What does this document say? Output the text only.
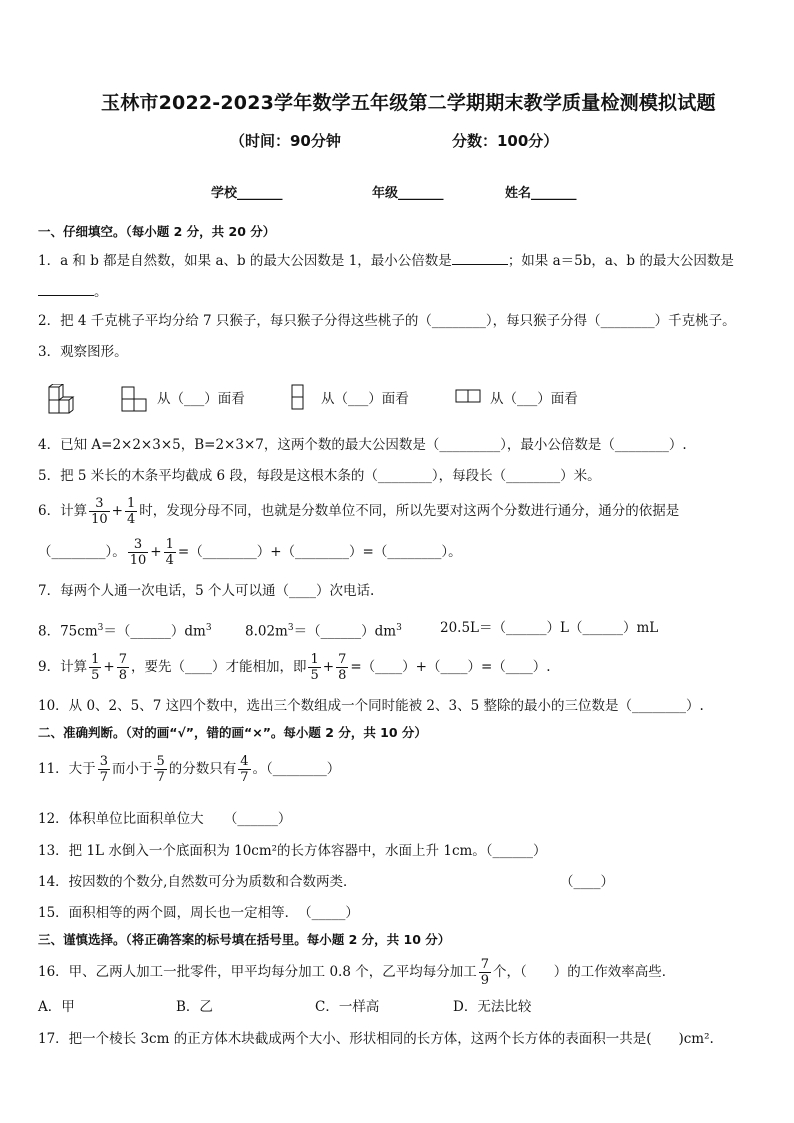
玉林市2022-2023学年数学五年级第二学期期末教学质量检测模拟试题
（时间：90分钟	分数：100分）
学校_______	年级_______	姓名_______
一、仔细填空。（每小题 2 分，共 20 分）
1．a 和 b 都是自然数，如果 a、b 的最大公因数是 1，最小公倍数是	；如果 a＝5b，a、b 的最大公因数是
。
2．把 4 千克桃子平均分给 7 只猴子，每只猴子分得这些桃子的（________），每只猴子分得（________）千克桃子。
3．观察图形。
从（___）面看	从（___）面看	从（___）面看
4．已知 A=2×2×3×5，B=2×3×7，这两个数的最大公因数是（_________），最小公倍数是（________）.
5．把 5 米长的木条平均截成 6 段，每段是这根木条的（________），每段长（________）米。
6．计算 $\frac{3}{10} + \frac{1}{4}$ 时，发现分母不同，也就是分数单位不同，所以先要对这两个分数进行通分，通分的依据是
（________）。 $\frac{3}{10} + \frac{1}{4}$ =（________）+（________）=（________）。
7．每两个人通一次电话，5 个人可以通（____）次电话.
8．$75cm^3=(\_\_\_\_\_\_)dm^3$ $8.02m^3=(\_\_\_\_\_\_)dm^3$	20.5L＝（______）L（______）mL
9．计算 $\frac{1}{5} + \frac{7}{8}$ ，要先（____）才能相加，即 $\frac{1}{5} + \frac{7}{8}$ =（____）+（____）=（____）.
10．从 0、2、5、7 这四个数中，选出三个数组成一个同时能被 2、3、5 整除的最小的三位数是（________）.
二、准确判断。（对的画“√”，错的画“×”。每小题 2 分，共 10 分）
11．大于 $\frac{3}{7}$ 而小于 $\frac{5}{7}$ 的分数只有 $\frac{4}{7}$ 。（________）
12．体积单位比面积单位大　　（______）
13．把 1L 水倒入一个底面积为 10cm²的长方体容器中，水面上升 1cm。（______）
14．按因数的个数分,自然数可分为质数和合数两类．	（____）
15．面积相等的两个圆，周长也一定相等．　（_____）
三、谨慎选择。（将正确答案的标号填在括号里。每小题 2 分，共 10 分）
16．甲、乙两人加工一批零件，甲平均每分加工 0.8 个，乙平均每分加工 $\frac{7}{9}$ 个，（　　）的工作效率高些．
A．甲	B．乙	C．一样高	D．无法比较
17．把一个棱长 3cm 的正方体木块截成两个大小、形状相同的长方体，这两个长方体的表面积一共是(　　)cm².
